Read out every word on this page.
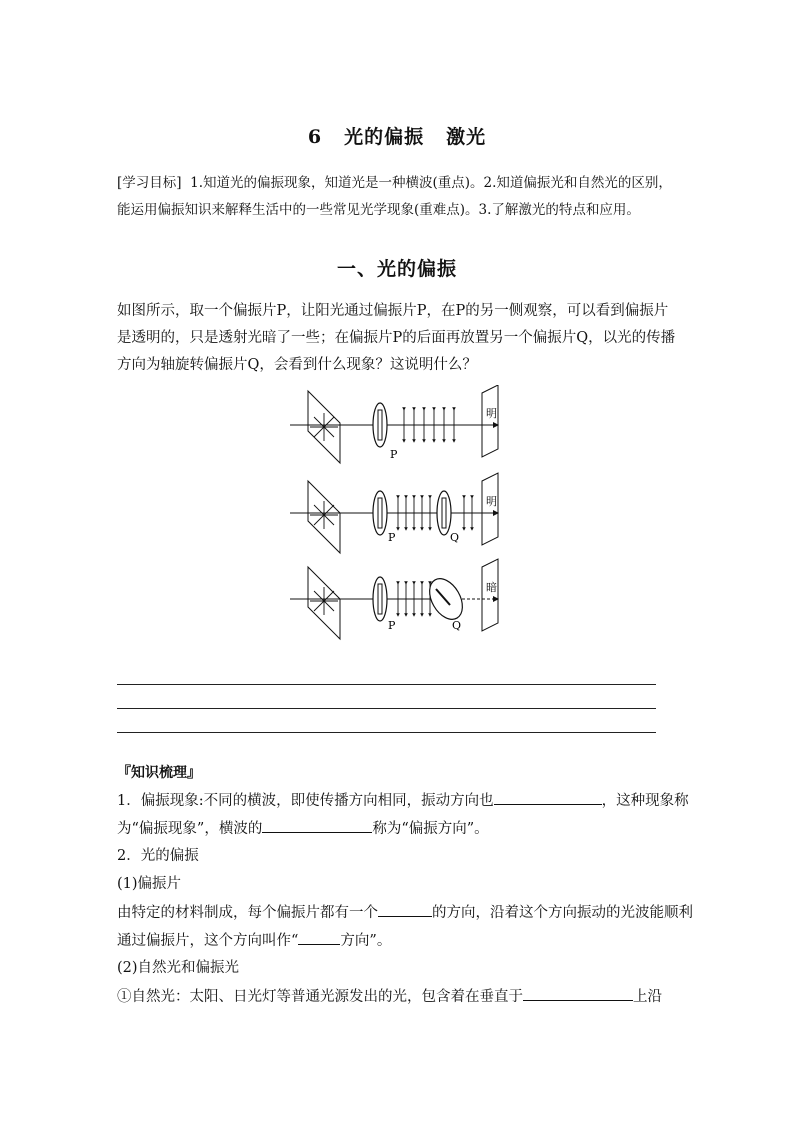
6 光的偏振 激光
[学习目标] 1.知道光的偏振现象，知道光是一种横波(重点)。2.知道偏振光和自然光的区别，能运用偏振知识来解释生活中的一些常见光学现象(重难点)。3.了解激光的特点和应用。
一、光的偏振
如图所示，取一个偏振片P，让阳光通过偏振片P，在P的另一侧观察，可以看到偏振片是透明的，只是透射光暗了一些；在偏振片P的后面再放置另一个偏振片Q，以光的传播方向为轴旋转偏振片Q，会看到什么现象？这说明什么？
明
P
明
P	Q
暗
P	Q
『知识梳理』
1．偏振现象:不同的横波，即使传播方向相同，振动方向也	，这种现象称
为“偏振现象”，横波的	称为“偏振方向”。
2．光的偏振
(1)偏振片
由特定的材料制成，每个偏振片都有一个	的方向，沿着这个方向振动的光波能顺利
通过偏振片，这个方向叫作“	方向”。
(2)自然光和偏振光
①自然光：太阳、日光灯等普通光源发出的光，包含着在垂直于	上沿
